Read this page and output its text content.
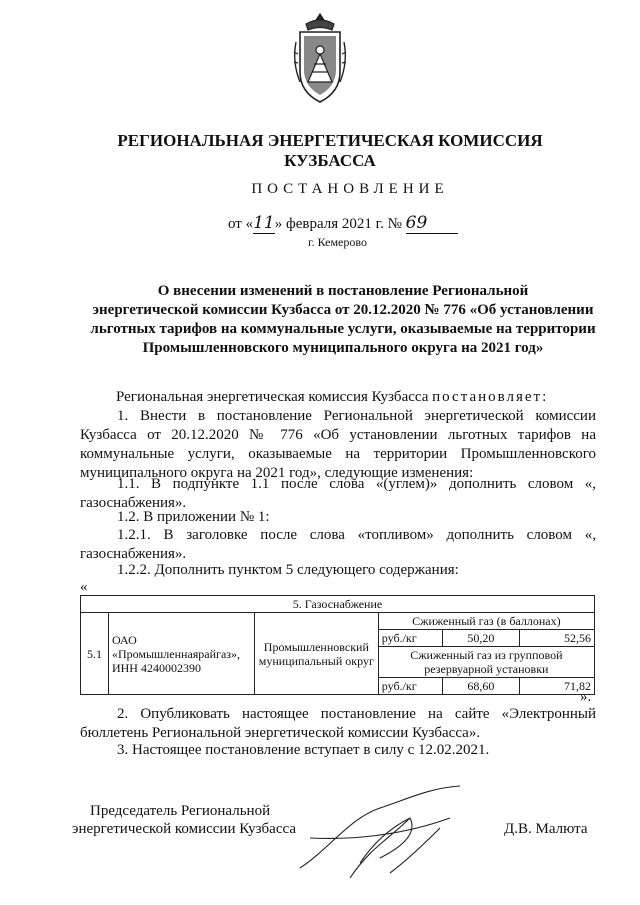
РЕГИОНАЛЬНАЯ ЭНЕРГЕТИЧЕСКАЯ КОМИССИЯ
КУЗБАССА
ПОСТАНОВЛЕНИЕ
от «11» февраля 2021 г. № 69
г. Кемерово
О внесении изменений в постановление Региональной
энергетической комиссии Кузбасса от 20.12.2020 № 776 «Об установлении
льготных тарифов на коммунальные услуги, оказываемые на территории
Промышленновского муниципального округа на 2021 год»
Региональная энергетическая комиссия Кузбасса постановляет:
1. Внести в постановление Региональной энергетической комиссии Кузбасса от 20.12.2020 № 776 «Об установлении льготных тарифов на коммунальные услуги, оказываемые на территории Промышленновского муниципального округа на 2021 год», следующие изменения:
1.1. В подпункте 1.1 после слова «(углем)» дополнить словом «, газоснабжения».
1.2. В приложении № 1:
1.2.1. В заголовке после слова «топливом» дополнить словом «, газоснабжения».
1.2.2. Дополнить пунктом 5 следующего содержания:
«
5. Газоснабжение					
5.1	ОАО «Промышленнаярайгаз», ИНН 4240002390	Промышленновский муниципальный округ	Сжиженный газ (в баллонах)		
			руб./кг	50,20	52,56
			Сжиженный газ из групповой резервуарной установки		
			руб./кг	68,60	71,82
».
2. Опубликовать настоящее постановление на сайте «Электронный бюллетень Региональной энергетической комиссии Кузбасса».
3. Настоящее постановление вступает в силу с 12.02.2021.
Председатель Региональной
энергетической комиссии Кузбасса	Д.В. Малюта
